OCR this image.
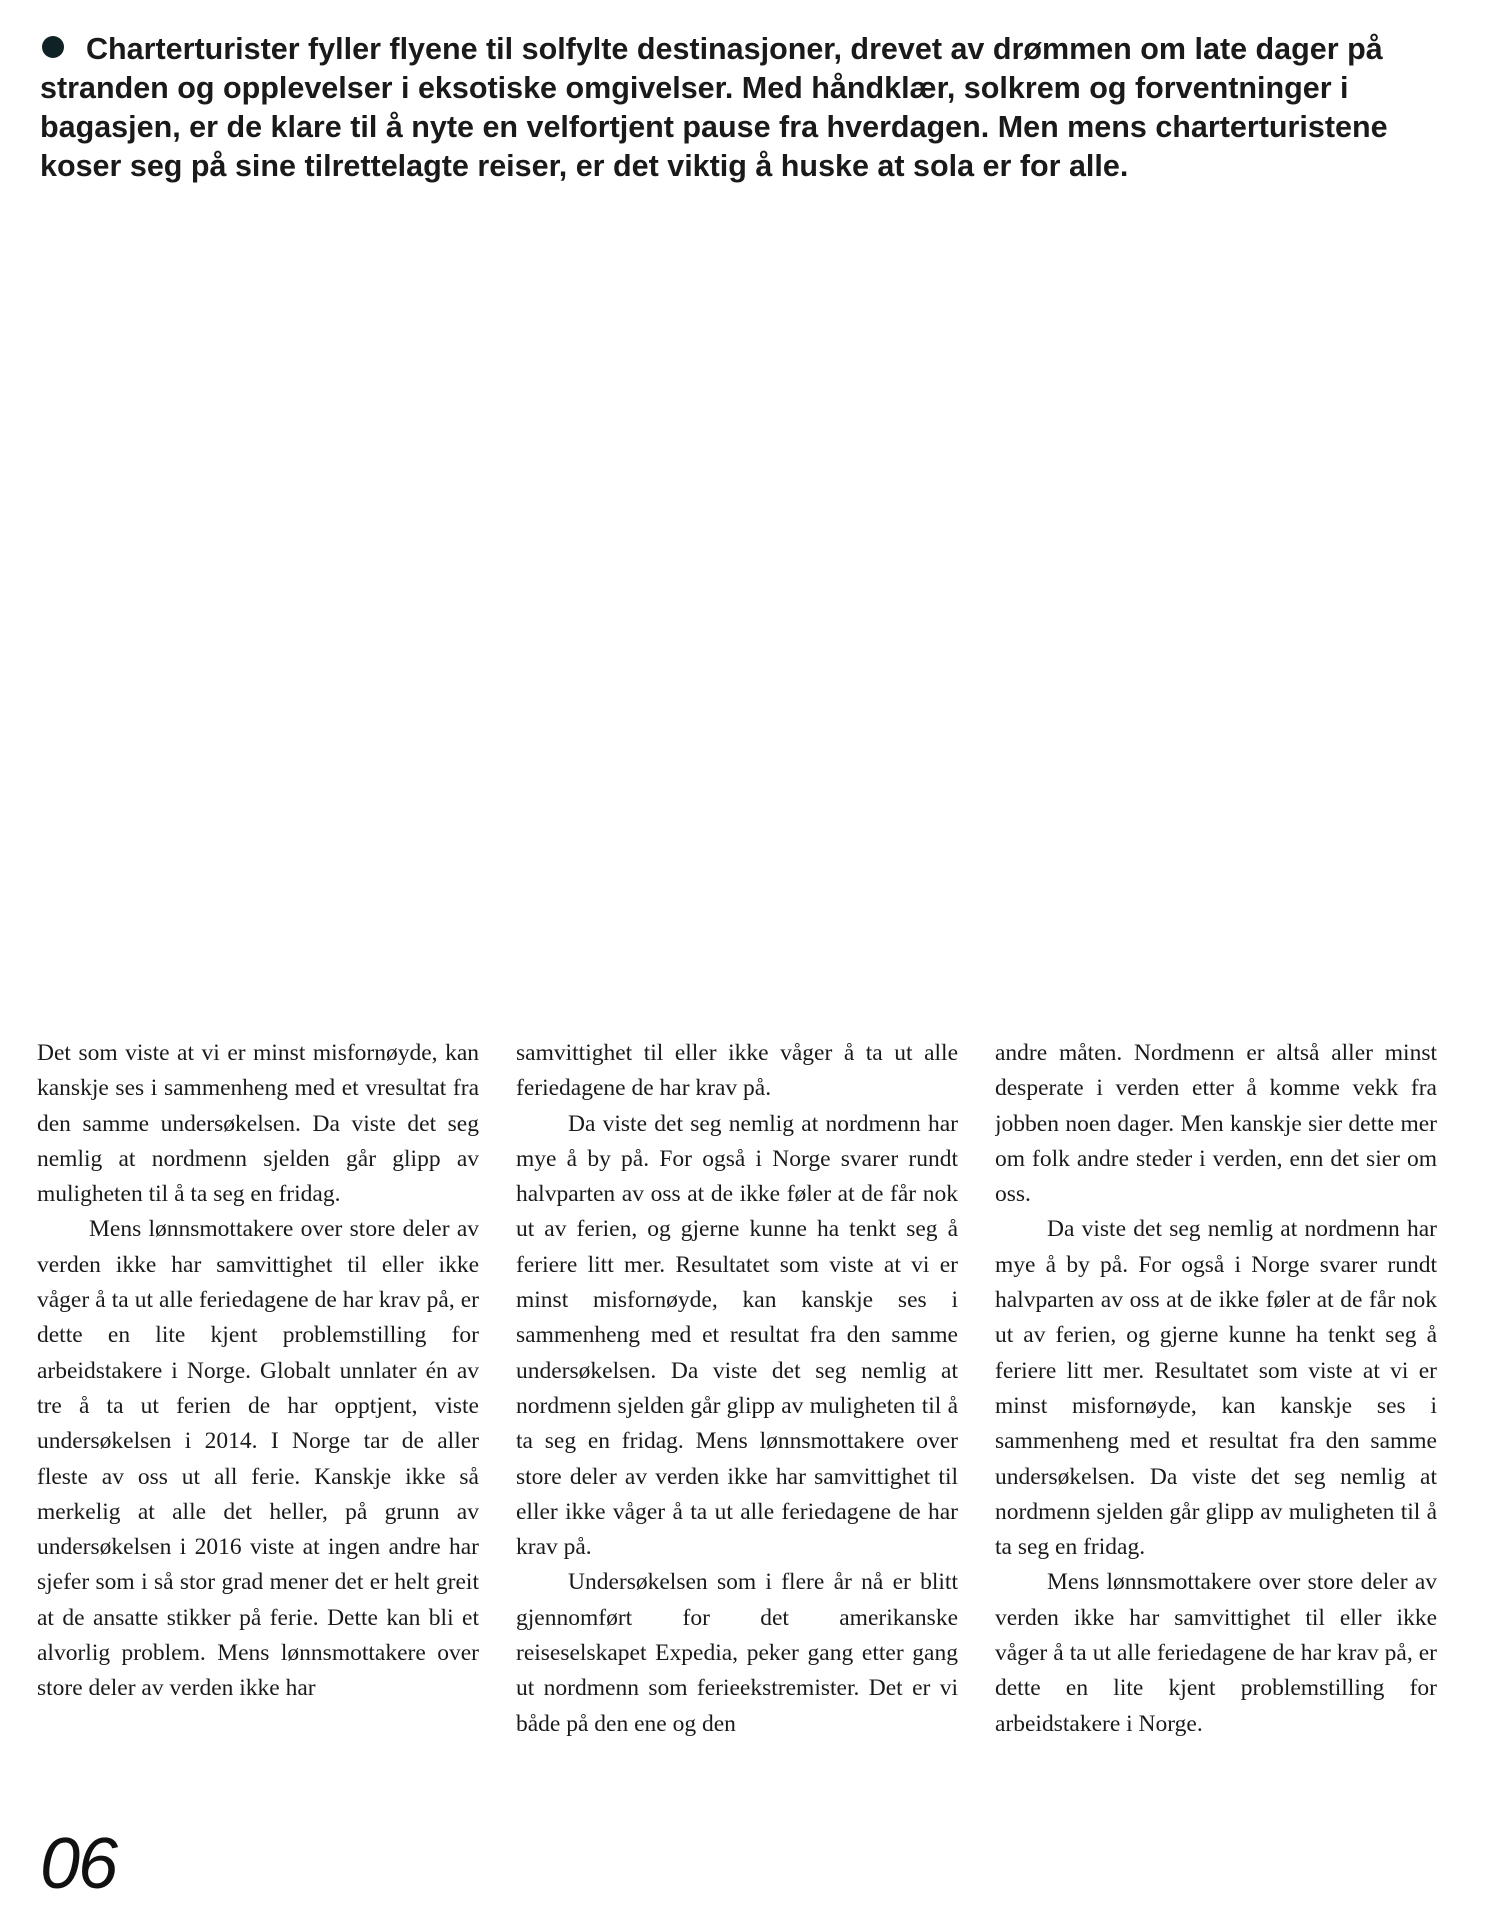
Charterturister fyller flyene til solfylte destinasjoner, drevet av drømmen om late dager på stranden og opplevelser i eksotiske omgivelser. Med håndklær, solkrem og forventninger i bagasjen, er de klare til å nyte en velfortjent pause fra hverdagen. Men mens charterturistene koser seg på sine tilrettelagte reiser, er det viktig å huske at sola er for alle.

Det som viste at vi er minst misfornøyde, kan kanskje ses i sammenheng med et vresultat fra den samme undersøkelsen. Da viste det seg nemlig at nordmenn sjelden går glipp av muligheten til å ta seg en fridag.

Mens lønnsmottakere over store deler av verden ikke har samvittighet til eller ikke våger å ta ut alle feriedagene de har krav på, er dette en lite kjent problemstilling for arbeidstakere i Norge. Globalt unnlater én av tre å ta ut ferien de har opptjent, viste undersøkelsen i 2014. I Norge tar de aller fleste av oss ut all ferie. Kanskje ikke så merkelig at alle det heller, på grunn av undersøkelsen i 2016 viste at ingen andre har sjefer som i så stor grad mener det er helt greit at de ansatte stikker på ferie. Dette kan bli et alvorlig problem. Mens lønnsmottakere over store deler av verden ikke har

samvittighet til eller ikke våger å ta ut alle feriedagene de har krav på.

Da viste det seg nemlig at nordmenn har mye å by på. For også i Norge svarer rundt halvparten av oss at de ikke føler at de får nok ut av ferien, og gjerne kunne ha tenkt seg å feriere litt mer. Resultatet som viste at vi er minst misfornøyde, kan kanskje ses i sammenheng med et resultat fra den samme undersøkelsen. Da viste det seg nemlig at nordmenn sjelden går glipp av muligheten til å ta seg en fridag. Mens lønnsmottakere over store deler av verden ikke har samvittighet til eller ikke våger å ta ut alle feriedagene de har krav på.

Undersøkelsen som i flere år nå er blitt gjennomført for det amerikanske reiseselskapet Expedia, peker gang etter gang ut nordmenn som ferieekstremister. Det er vi både på den ene og den

andre måten. Nordmenn er altså aller minst desperate i verden etter å komme vekk fra jobben noen dager. Men kanskje sier dette mer om folk andre steder i verden, enn det sier om oss.

Da viste det seg nemlig at nordmenn har mye å by på. For også i Norge svarer rundt halvparten av oss at de ikke føler at de får nok ut av ferien, og gjerne kunne ha tenkt seg å feriere litt mer. Resultatet som viste at vi er minst misfornøyde, kan kanskje ses i sammenheng med et resultat fra den samme undersøkelsen. Da viste det seg nemlig at nordmenn sjelden går glipp av muligheten til å ta seg en fridag.

Mens lønnsmottakere over store deler av verden ikke har samvittighet til eller ikke våger å ta ut alle feriedagene de har krav på, er dette en lite kjent problemstilling for arbeidstakere i Norge.

06
